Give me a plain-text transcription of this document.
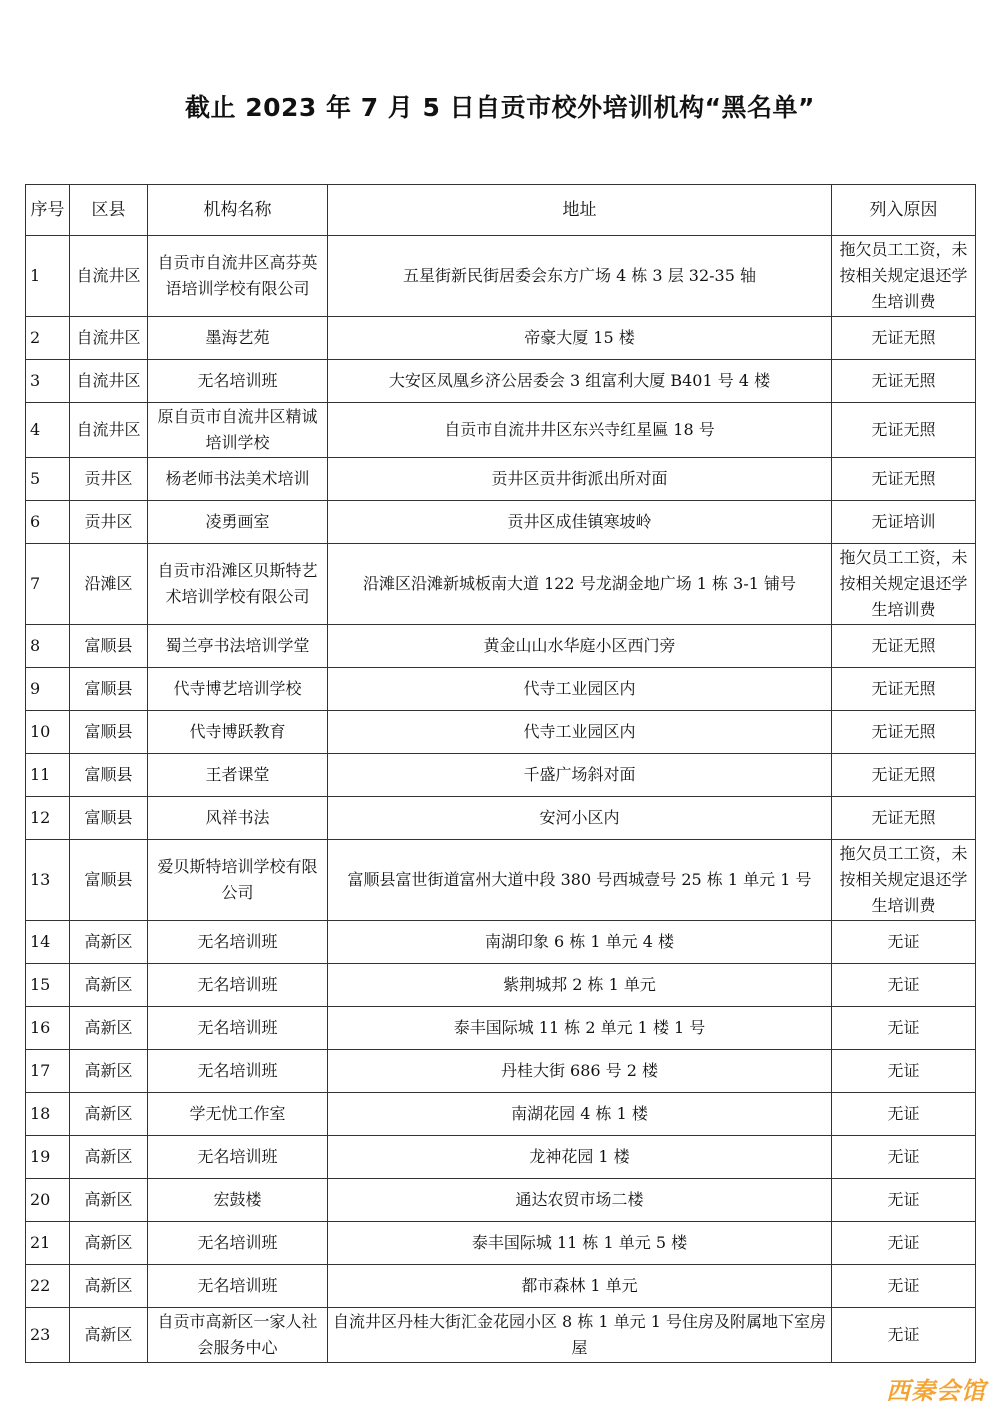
截止 2023 年 7 月 5 日自贡市校外培训机构“黑名单”
序号	区县	机构名称	地址	列入原因
1	自流井区	自贡市自流井区高芬英语培训学校有限公司	五星街新民街居委会东方广场 4 栋 3 层 32-35 轴	拖欠员工工资，未按相关规定退还学生培训费
2	自流井区	墨海艺苑	帝豪大厦 15 楼	无证无照
3	自流井区	无名培训班	大安区凤凰乡济公居委会 3 组富利大厦 B401 号 4 楼	无证无照
4	自流井区	原自贡市自流井区精诚培训学校	自贡市自流井井区东兴寺红星匾 18 号	无证无照
5	贡井区	杨老师书法美术培训	贡井区贡井街派出所对面	无证无照
6	贡井区	凌勇画室	贡井区成佳镇寒坡岭	无证培训
7	沿滩区	自贡市沿滩区贝斯特艺术培训学校有限公司	沿滩区沿滩新城板南大道 122 号龙湖金地广场 1 栋 3-1 铺号	拖欠员工工资，未按相关规定退还学生培训费
8	富顺县	蜀兰亭书法培训学堂	黄金山山水华庭小区西门旁	无证无照
9	富顺县	代寺博艺培训学校	代寺工业园区内	无证无照
10	富顺县	代寺博跃教育	代寺工业园区内	无证无照
11	富顺县	王者课堂	千盛广场斜对面	无证无照
12	富顺县	风祥书法	安河小区内	无证无照
13	富顺县	爱贝斯特培训学校有限公司	富顺县富世街道富州大道中段 380 号西城壹号 25 栋 1 单元 1 号	拖欠员工工资，未按相关规定退还学生培训费
14	高新区	无名培训班	南湖印象 6 栋 1 单元 4 楼	无证
15	高新区	无名培训班	紫荆城邦 2 栋 1 单元	无证
16	高新区	无名培训班	泰丰国际城 11 栋 2 单元 1 楼 1 号	无证
17	高新区	无名培训班	丹桂大街 686 号 2 楼	无证
18	高新区	学无忧工作室	南湖花园 4 栋 1 楼	无证
19	高新区	无名培训班	龙神花园 1 楼	无证
20	高新区	宏鼓楼	通达农贸市场二楼	无证
21	高新区	无名培训班	泰丰国际城 11 栋 1 单元 5 楼	无证
22	高新区	无名培训班	都市森林 1 单元	无证
23	高新区	自贡市高新区一家人社会服务中心	自流井区丹桂大街汇金花园小区 8 栋 1 单元 1 号住房及附属地下室房屋	无证
西秦会馆
